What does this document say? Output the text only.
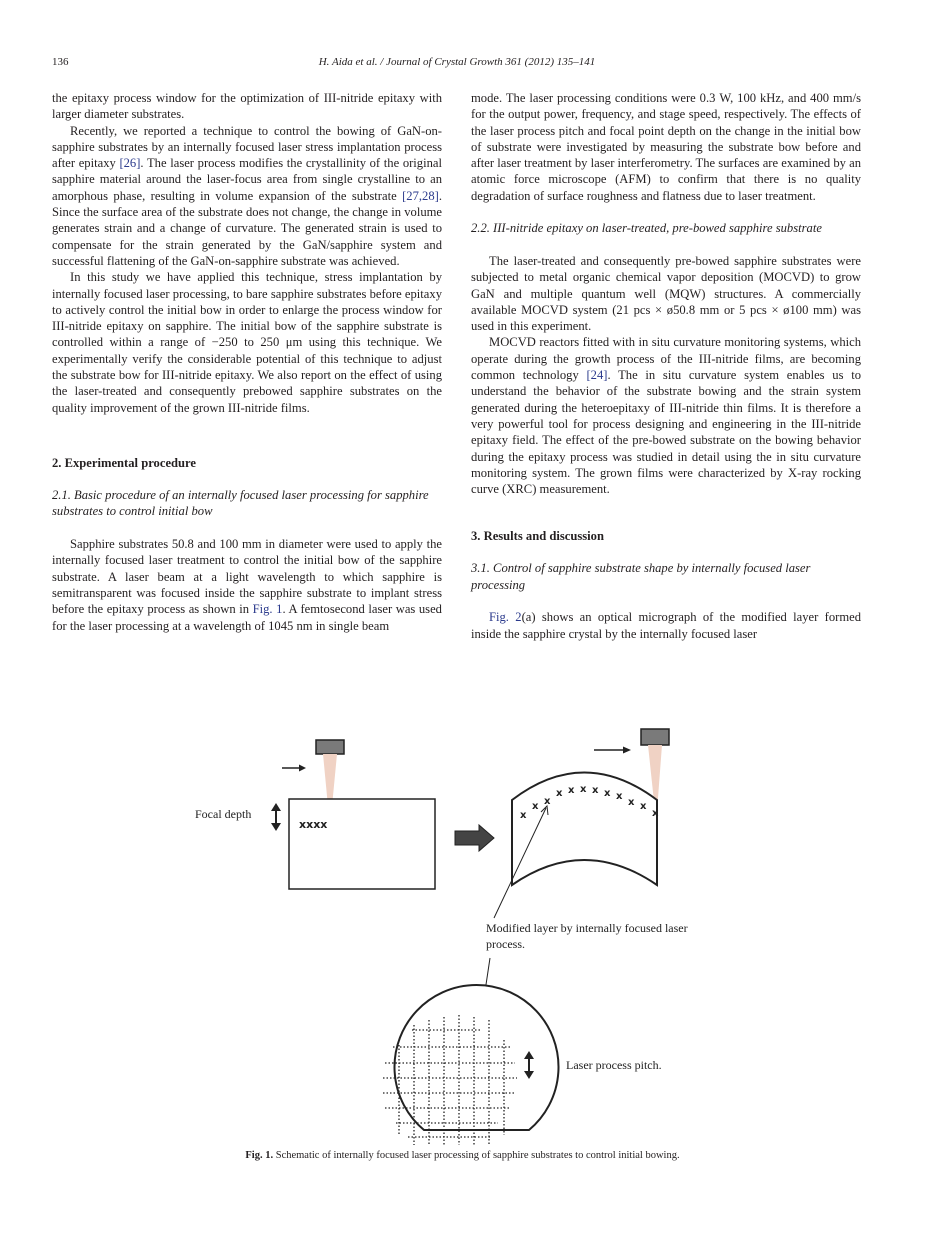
136	H. Aida et al. / Journal of Crystal Growth 361 (2012) 135–141

the epitaxy process window for the optimization of III-nitride epitaxy with larger diameter substrates.

Recently, we reported a technique to control the bowing of GaN-on-sapphire substrates by an internally focused laser stress implantation process after epitaxy [26]. The laser process modifies the crystallinity of the original sapphire material around the laser-focus area from single crystalline to an amorphous phase, resulting in volume expansion of the substrate [27,28]. Since the surface area of the substrate does not change, the change in volume generates strain and a change of curvature. The generated strain is used to compensate for the strain generated by the GaN/​sapphire system and successful flattening of the GaN-on-sapphire substrate was achieved.

In this study we have applied this technique, stress implantation by internally focused laser processing, to bare sapphire substrates before epitaxy to actively control the initial bow in order to enlarge the process window for III-nitride epitaxy on sapphire. The initial bow of the sapphire substrate is controlled within a range of −250 to 250 μm using this technique. We experimentally verify the considerable potential of this technique to adjust the substrate bow for III-nitride epitaxy. We also report on the effect of using the laser-treated and consequently prebowed sapphire substrates on the quality improvement of the grown III-nitride films.

2. Experimental procedure

2.1. Basic procedure of an internally focused laser processing for sapphire substrates to control initial bow

Sapphire substrates 50.8 and 100 mm in diameter were used to apply the internally focused laser treatment to control the initial bow of the sapphire substrate. A laser beam at a light wavelength to which sapphire is semitransparent was focused inside the sapphire substrate to implant stress before the epitaxy process as shown in Fig. 1. A femtosecond laser was used for the laser processing at a wavelength of 1045 nm in single beam

mode. The laser processing conditions were 0.3 W, 100 kHz, and 400 mm/s for the output power, frequency, and stage speed, respectively. The effects of the laser process pitch and focal point depth on the change in the initial bow of substrate were investigated by measuring the substrate bow before and after laser treatment by laser interferometry. The surfaces are examined by an atomic force microscope (AFM) to confirm that there is no quality degradation of surface roughness and flatness due to laser treatment.

2.2. III-nitride epitaxy on laser-treated, pre-bowed sapphire substrate

The laser-treated and consequently pre-bowed sapphire substrates were subjected to metal organic chemical vapor deposition (MOCVD) to grow GaN and multiple quantum well (MQW) structures. A commercially available MOCVD system (21 pcs × ø50.8 mm or 5 pcs × ø100 mm) was used in this experiment.

MOCVD reactors fitted with in situ curvature monitoring systems, which operate during the growth process of the III-nitride films, are becoming common technology [24]. The in situ curvature system enables us to understand the behavior of the substrate bowing and the strain system generated during the heteroepitaxy of III-nitride thin films. It is therefore a very powerful tool for process designing and engineering in the III-nitride epitaxy field. The effect of the pre-bowed substrate on the bowing behavior during the epitaxy process was studied in detail using the in situ curvature monitoring system. The grown films were characterized by X-ray rocking curve (XRC) measurement.

3. Results and discussion

3.1. Control of sapphire substrate shape by internally focused laser processing

Fig. 2(a) shows an optical micrograph of the modified layer formed inside the sapphire crystal by the internally focused laser

xxxx
x
x x
x x x x x x
x x
x
Focal depth
Modified layer by internally focused laser
process.
Laser process pitch.
Fig. 1. Schematic of internally focused laser processing of sapphire substrates to control initial bowing.
